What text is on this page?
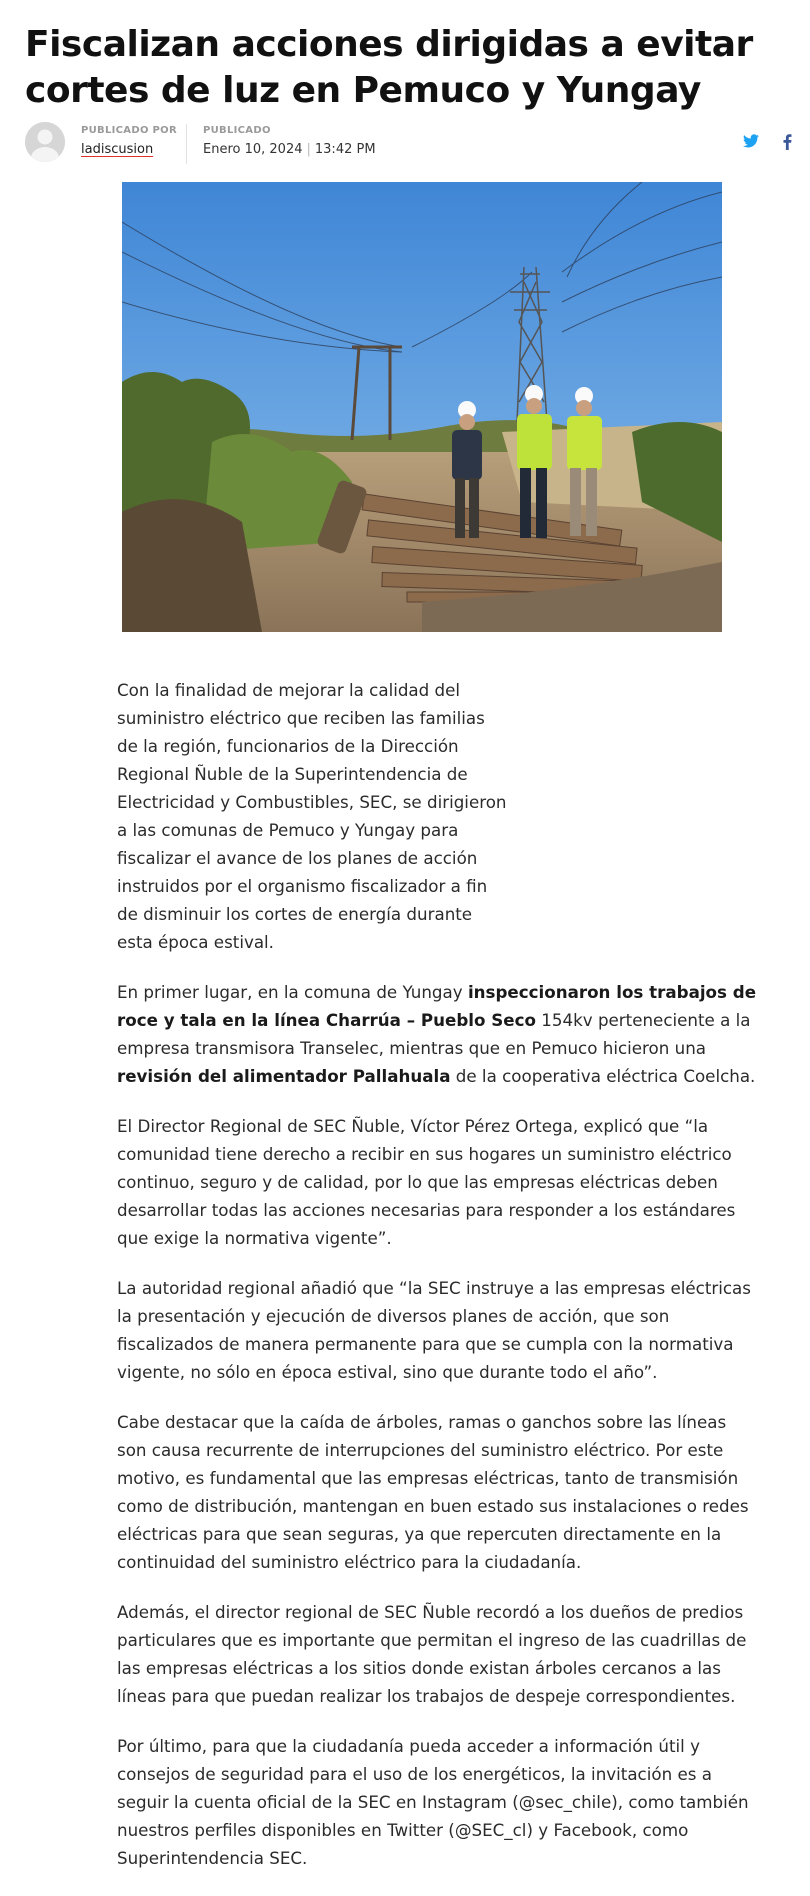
Fiscalizan acciones dirigidas a evitar cortes de luz en Pemuco y Yungay
PUBLICADO POR
ladiscusion
PUBLICADO
Enero 10, 2024 | 13:42 PM

Con la finalidad de mejorar la calidad del suministro eléctrico que reciben las familias de la región, funcionarios de la Dirección Regional Ñuble de la Superintendencia de Electricidad y Combustibles, SEC, se dirigieron a las comunas de Pemuco y Yungay para fiscalizar el avance de los planes de acción instruidos por el organismo fiscalizador a fin de disminuir los cortes de energía durante esta época estival.

En primer lugar, en la comuna de Yungay inspeccionaron los trabajos de roce y tala en la línea Charrúa – Pueblo Seco 154kv perteneciente a la empresa transmisora Transelec, mientras que en Pemuco hicieron una revisión del alimentador Pallahuala de la cooperativa eléctrica Coelcha.

El Director Regional de SEC Ñuble, Víctor Pérez Ortega, explicó que “la comunidad tiene derecho a recibir en sus hogares un suministro eléctrico continuo, seguro y de calidad, por lo que las empresas eléctricas deben desarrollar todas las acciones necesarias para responder a los estándares que exige la normativa vigente”.

La autoridad regional añadió que “la SEC instruye a las empresas eléctricas la presentación y ejecución de diversos planes de acción, que son fiscalizados de manera permanente para que se cumpla con la normativa vigente, no sólo en época estival, sino que durante todo el año”.

Cabe destacar que la caída de árboles, ramas o ganchos sobre las líneas son causa recurrente de interrupciones del suministro eléctrico. Por este motivo, es fundamental que las empresas eléctricas, tanto de transmisión como de distribución, mantengan en buen estado sus instalaciones o redes eléctricas para que sean seguras, ya que repercuten directamente en la continuidad del suministro eléctrico para la ciudadanía.

Además, el director regional de SEC Ñuble recordó a los dueños de predios particulares que es importante que permitan el ingreso de las cuadrillas de las empresas eléctricas a los sitios donde existan árboles cercanos a las líneas para que puedan realizar los trabajos de despeje correspondientes.

Por último, para que la ciudadanía pueda acceder a información útil y consejos de seguridad para el uso de los energéticos, la invitación es a seguir la cuenta oficial de la SEC en Instagram (@sec_chile), como también nuestros perfiles disponibles en Twitter (@SEC_cl) y Facebook, como Superintendencia SEC.
